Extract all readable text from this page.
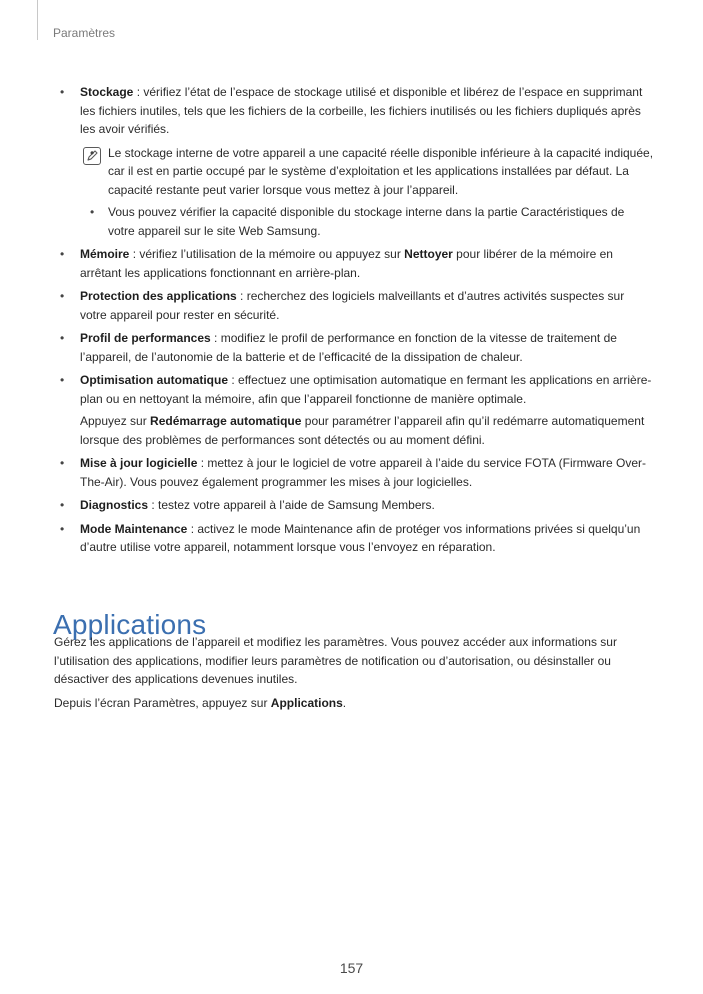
Paramètres
• Stockage : vérifiez l’état de l’espace de stockage utilisé et disponible et libérez de l’espace en supprimant les fichiers inutiles, tels que les fichiers de la corbeille, les fichiers inutilisés ou les fichiers dupliqués après les avoir vérifiés.
• Le stockage interne de votre appareil a une capacité réelle disponible inférieure à la capacité indiquée, car il est en partie occupé par le système d’exploitation et les applications installées par défaut. La capacité restante peut varier lorsque vous mettez à jour l’appareil.
• Vous pouvez vérifier la capacité disponible du stockage interne dans la partie Caractéristiques de votre appareil sur le site Web Samsung.
• Mémoire : vérifiez l’utilisation de la mémoire ou appuyez sur Nettoyer pour libérer de la mémoire en arrêtant les applications fonctionnant en arrière-plan.
• Protection des applications : recherchez des logiciels malveillants et d’autres activités suspectes sur votre appareil pour rester en sécurité.
• Profil de performances : modifiez le profil de performance en fonction de la vitesse de traitement de l’appareil, de l’autonomie de la batterie et de l’efficacité de la dissipation de chaleur.
• Optimisation automatique : effectuez une optimisation automatique en fermant les applications en arrière-plan ou en nettoyant la mémoire, afin que l’appareil fonctionne de manière optimale.
Appuyez sur Redémarrage automatique pour paramétrer l’appareil afin qu’il redémarre automatiquement lorsque des problèmes de performances sont détectés ou au moment défini.
• Mise à jour logicielle : mettez à jour le logiciel de votre appareil à l’aide du service FOTA (Firmware Over-The-Air). Vous pouvez également programmer les mises à jour logicielles.
• Diagnostics : testez votre appareil à l’aide de Samsung Members.
• Mode Maintenance : activez le mode Maintenance afin de protéger vos informations privées si quelqu’un d’autre utilise votre appareil, notamment lorsque vous l’envoyez en réparation.
Applications

Gérez les applications de l’appareil et modifiez les paramètres. Vous pouvez accéder aux informations sur l’utilisation des applications, modifier leurs paramètres de notification ou d’autorisation, ou désinstaller ou désactiver des applications devenues inutiles.

Depuis l’écran Paramètres, appuyez sur Applications.

157
